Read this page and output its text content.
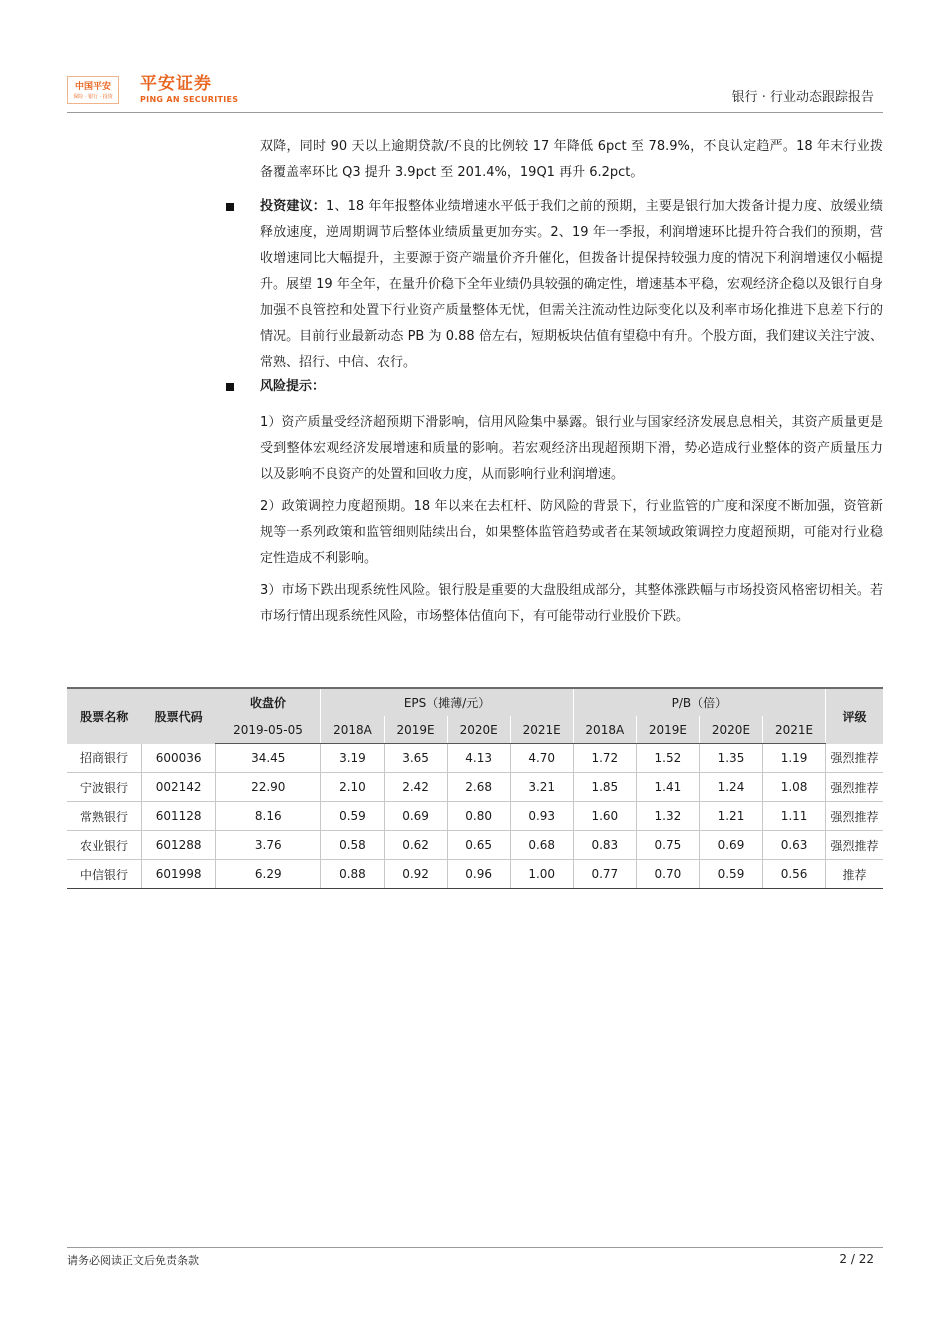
中国平安
保险 · 银行 · 投资
平安证券
PING AN SECURITIES	银行 · 行业动态跟踪报告
双降，同时 90 天以上逾期贷款/不良的比例较 17 年降低 6pct 至 78.9%，不良认定趋严。18 年末行业拨备覆盖率环比 Q3 提升 3.9pct 至 201.4%，19Q1 再升 6.2pct。
投资建议：1、18 年年报整体业绩增速水平低于我们之前的预期，主要是银行加大拨备计提力度、放缓业绩释放速度，逆周期调节后整体业绩质量更加夯实。2、19 年一季报，利润增速环比提升符合我们的预期，营收增速同比大幅提升，主要源于资产端量价齐升催化，但拨备计提保持较强力度的情况下利润增速仅小幅提升。展望 19 年全年，在量升价稳下全年业绩仍具较强的确定性，增速基本平稳，宏观经济企稳以及银行自身加强不良管控和处置下行业资产质量整体无忧，但需关注流动性边际变化以及利率市场化推进下息差下行的情况。目前行业最新动态 PB 为 0.88 倍左右，短期板块估值有望稳中有升。个股方面，我们建议关注宁波、常熟、招行、中信、农行。
风险提示：
1）资产质量受经济超预期下滑影响，信用风险集中暴露。银行业与国家经济发展息息相关，其资产质量更是受到整体宏观经济发展增速和质量的影响。若宏观经济出现超预期下滑，势必造成行业整体的资产质量压力以及影响不良资产的处置和回收力度，从而影响行业利润增速。
2）政策调控力度超预期。18 年以来在去杠杆、防风险的背景下，行业监管的广度和深度不断加强，资管新规等一系列政策和监管细则陆续出台，如果整体监管趋势或者在某领域政策调控力度超预期，可能对行业稳定性造成不利影响。
3）市场下跌出现系统性风险。银行股是重要的大盘股组成部分，其整体涨跌幅与市场投资风格密切相关。若市场行情出现系统性风险，市场整体估值向下，有可能带动行业股价下跌。
股票名称	股票代码	收盘价	EPS（摊薄/元）				P/B（倍）				评级
		2019-05-05	2018A	2019E	2020E	2021E	2018A	2019E	2020E	2021E	
招商银行	600036	34.45	3.19	3.65	4.13	4.70	1.72	1.52	1.35	1.19	强烈推荐
宁波银行	002142	22.90	2.10	2.42	2.68	3.21	1.85	1.41	1.24	1.08	强烈推荐
常熟银行	601128	8.16	0.59	0.69	0.80	0.93	1.60	1.32	1.21	1.11	强烈推荐
农业银行	601288	3.76	0.58	0.62	0.65	0.68	0.83	0.75	0.69	0.63	强烈推荐
中信银行	601998	6.29	0.88	0.92	0.96	1.00	0.77	0.70	0.59	0.56	推荐
请务必阅读正文后免责条款	2 / 22
